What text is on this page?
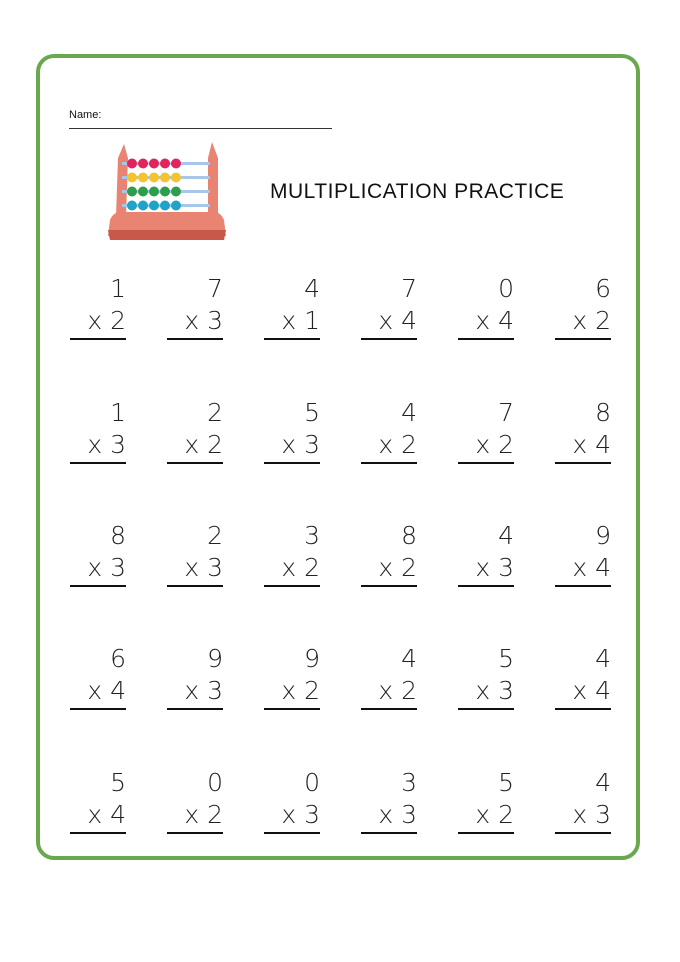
Name:
MULTIPLICATION PRACTICE
1
x 2
7
x 3
4
x 1
7
x 4
0
x 4
6
x 2
1
x 3
2
x 2
5
x 3
4
x 2
7
x 2
8
x 4
8
x 3
2
x 3
3
x 2
8
x 2
4
x 3
9
x 4
6
x 4
9
x 3
9
x 2
4
x 2
5
x 3
4
x 4
5
x 4
0
x 2
0
x 3
3
x 3
5
x 2
4
x 3
